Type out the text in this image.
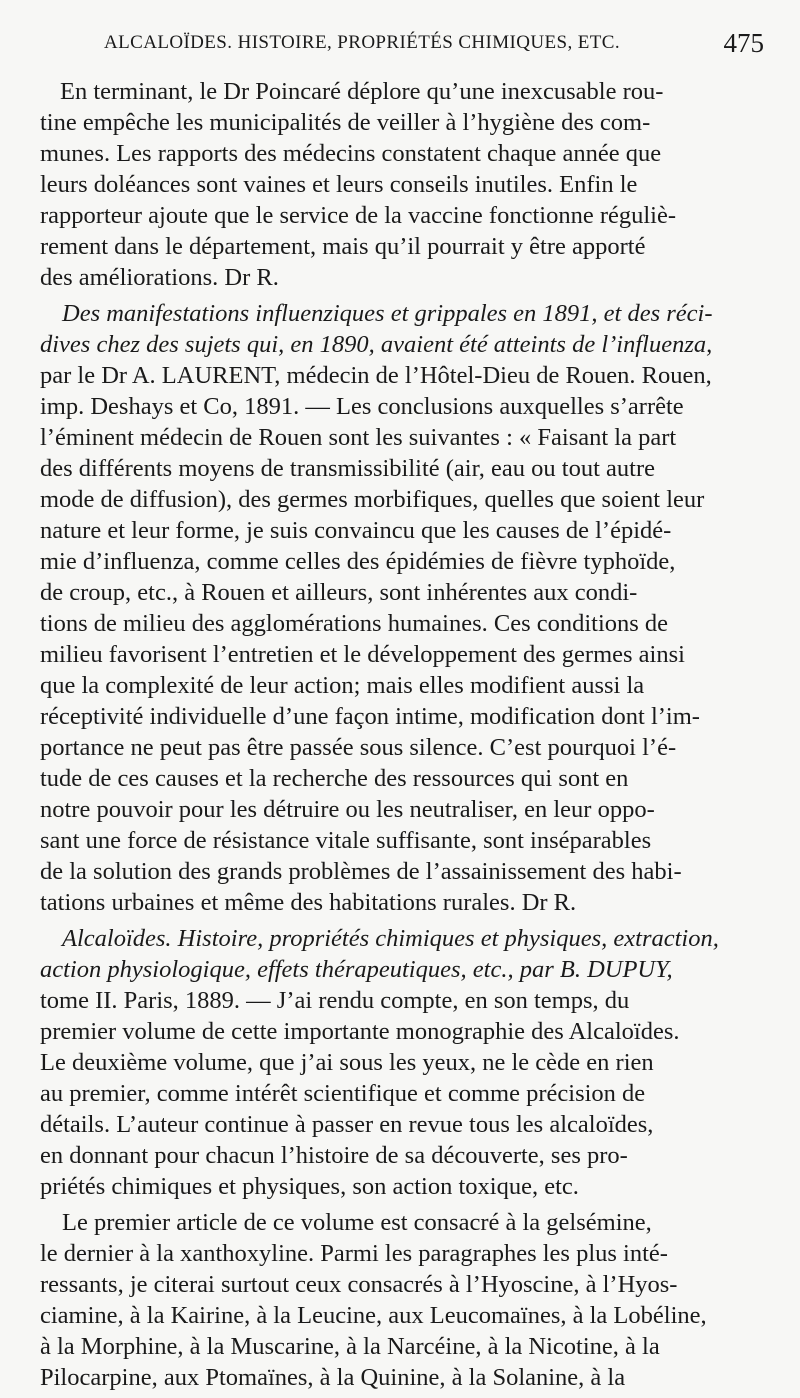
ALCALOÏDES. HISTOIRE, PROPRIÉTÉS CHIMIQUES, ETC.	475
En terminant, le Dr Poincaré déplore qu’une inexcusable rou-
tine empêche les municipalités de veiller à l’hygiène des com-
munes. Les rapports des médecins constatent chaque année que
leurs doléances sont vaines et leurs conseils inutiles. Enfin le
rapporteur ajoute que le service de la vaccine fonctionne réguliè-
rement dans le département, mais qu’il pourrait y être apporté
des améliorations. Dr R.
Des manifestations influenziques et grippales en 1891, et des réci-
dives chez des sujets qui, en 1890, avaient été atteints de l’influenza,
par le Dr A. LAURENT, médecin de l’Hôtel-Dieu de Rouen. Rouen,
imp. Deshays et Co, 1891. — Les conclusions auxquelles s’arrête
l’éminent médecin de Rouen sont les suivantes : « Faisant la part
des différents moyens de transmissibilité (air, eau ou tout autre
mode de diffusion), des germes morbifiques, quelles que soient leur
nature et leur forme, je suis convaincu que les causes de l’épidé-
mie d’influenza, comme celles des épidémies de fièvre typhoïde,
de croup, etc., à Rouen et ailleurs, sont inhérentes aux condi-
tions de milieu des agglomérations humaines. Ces conditions de
milieu favorisent l’entretien et le développement des germes ainsi
que la complexité de leur action; mais elles modifient aussi la
réceptivité individuelle d’une façon intime, modification dont l’im-
portance ne peut pas être passée sous silence. C’est pourquoi l’é-
tude de ces causes et la recherche des ressources qui sont en
notre pouvoir pour les détruire ou les neutraliser, en leur oppo-
sant une force de résistance vitale suffisante, sont inséparables
de la solution des grands problèmes de l’assainissement des habi-
tations urbaines et même des habitations rurales. Dr R.
Alcaloïdes. Histoire, propriétés chimiques et physiques, extraction,
action physiologique, effets thérapeutiques, etc., par B. DUPUY,
tome II. Paris, 1889. — J’ai rendu compte, en son temps, du
premier volume de cette importante monographie des Alcaloïdes.
Le deuxième volume, que j’ai sous les yeux, ne le cède en rien
au premier, comme intérêt scientifique et comme précision de
détails. L’auteur continue à passer en revue tous les alcaloïdes,
en donnant pour chacun l’histoire de sa découverte, ses pro-
priétés chimiques et physiques, son action toxique, etc.
Le premier article de ce volume est consacré à la gelsémine,
le dernier à la xanthoxyline. Parmi les paragraphes les plus inté-
ressants, je citerai surtout ceux consacrés à l’Hyoscine, à l’Hyos-
ciamine, à la Kairine, à la Leucine, aux Leucomaïnes, à la Lobéline,
à la Morphine, à la Muscarine, à la Narcéine, à la Nicotine, à la
Pilocarpine, aux Ptomaïnes, à la Quinine, à la Solanine, à la
